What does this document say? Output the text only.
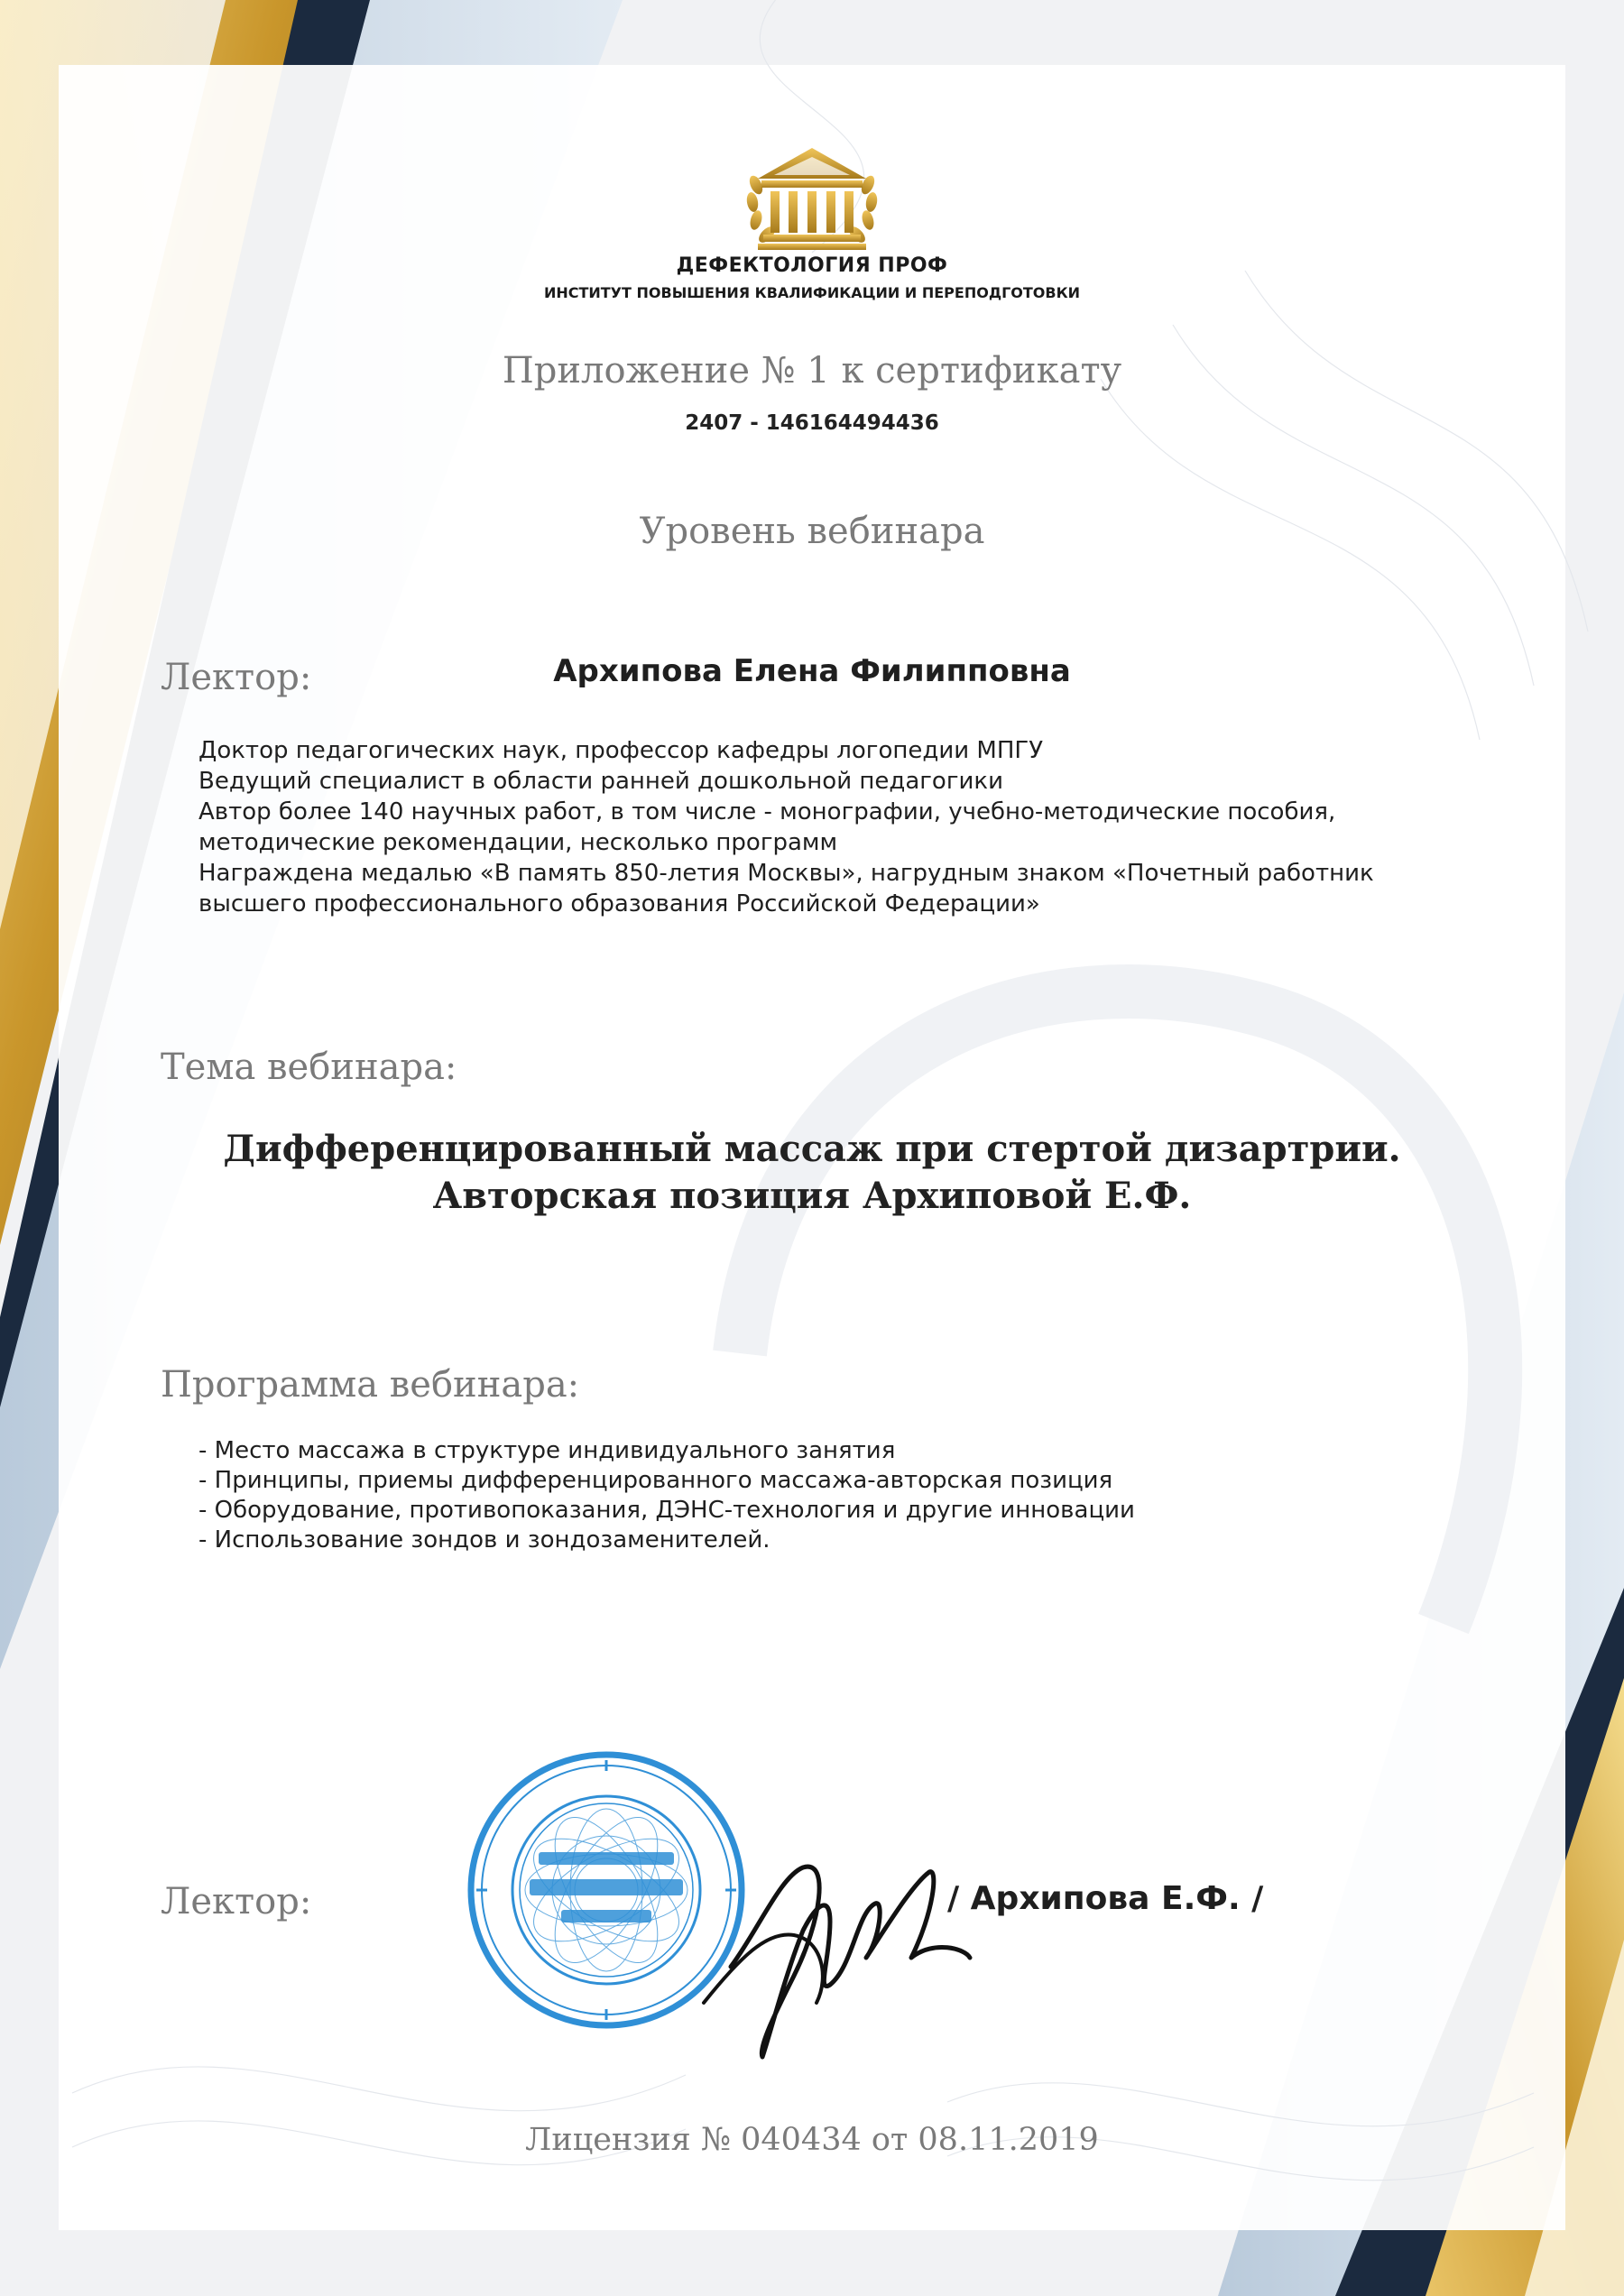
ДЕФЕКТОЛОГИЯ ПРОФ
ИНСТИТУТ ПОВЫШЕНИЯ КВАЛИФИКАЦИИ И ПЕРЕПОДГОТОВКИ
Приложение № 1 к сертификату
2407 - 146164494436
Уровень вебинара
Лектор:	Архипова Елена Филипповна
Доктор педагогических наук, профессор кафедры логопедии МПГУ
Ведущий специалист в области ранней дошкольной педагогики
Автор более 140 научных работ, в том числе - монографии, учебно-методические пособия,
методические рекомендации, несколько программ
Награждена медалью «В память 850-летия Москвы», нагрудным знаком «Почетный работник
высшего профессионального образования Российской Федерации»
Тема вебинара:
Дифференцированный массаж при стертой дизартрии. Авторская позиция Архиповой Е.Ф.
Программа вебинара:
- Место массажа в структуре индивидуального занятия
- Принципы, приемы дифференцированного массажа-авторская позиция
- Оборудование, противопоказания, ДЭНС-технология и другие инновации
- Использование зондов и зондозаменителей.
Лектор:	/ Архипова Е.Ф. /
Лицензия № 040434 от 08.11.2019
